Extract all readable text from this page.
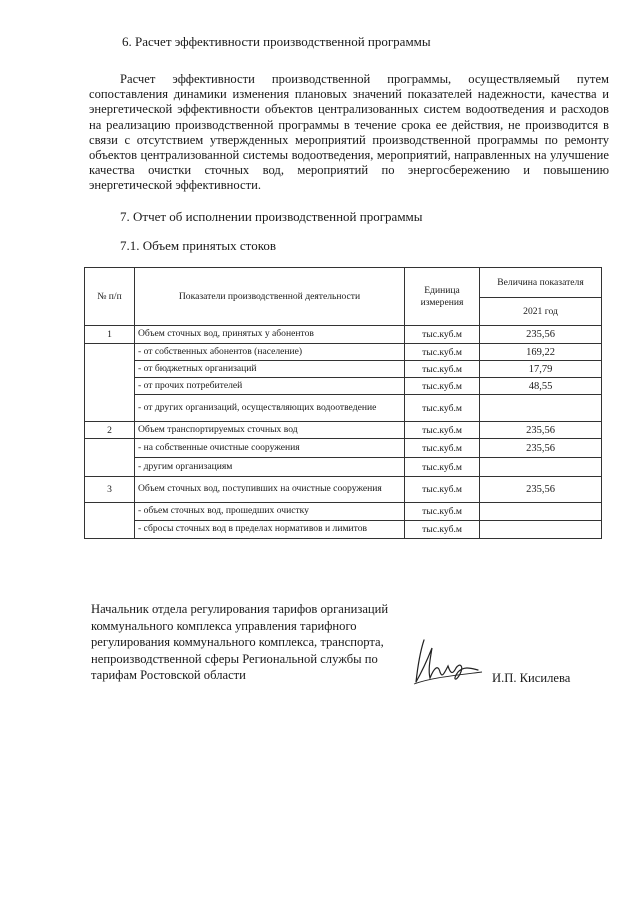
6. Расчет эффективности производственной программы
Расчет эффективности производственной программы, осуществляемый путем сопоставления динамики изменения плановых значений показателей надежности, качества и энергетической эффективности объектов централизованных систем водоотведения и расходов на реализацию производственной программы в течение срока ее действия, не производится в связи с отсутствием утвержденных мероприятий производственной программы по ремонту объектов централизованной системы водоотведения, мероприятий, направленных на улучшение качества очистки сточных вод, мероприятий по энергосбережению и повышению энергетической эффективности.
7. Отчет об исполнении производственной программы
7.1. Объем принятых стоков
№ п/п	Показатели производственной деятельности	Единица измерения	Величина показателя
			2021 год
1	Объем сточных вод, принятых у абонентов	тыс.куб.м	235,56
	- от собственных абонентов (население)	тыс.куб.м	169,22
	- от бюджетных организаций	тыс.куб.м	17,79
	- от прочих потребителей	тыс.куб.м	48,55
	- от других организаций, осуществляющих водоотведение	тыс.куб.м	
2	Объем транспортируемых сточных вод	тыс.куб.м	235,56
	- на собственные очистные сооружения	тыс.куб.м	235,56
	- другим организациям	тыс.куб.м	
3	Объем сточных вод, поступивших на очистные сооружения	тыс.куб.м	235,56
	- объем сточных вод, прошедших очистку	тыс.куб.м	
	- сбросы сточных вод в пределах нормативов и лимитов	тыс.куб.м	
Начальник отдела регулирования тарифов организаций коммунального комплекса управления тарифного регулирования коммунального комплекса, транспорта, непроизводственной сферы Региональной службы по тарифам Ростовской области	И.П. Кисилева
